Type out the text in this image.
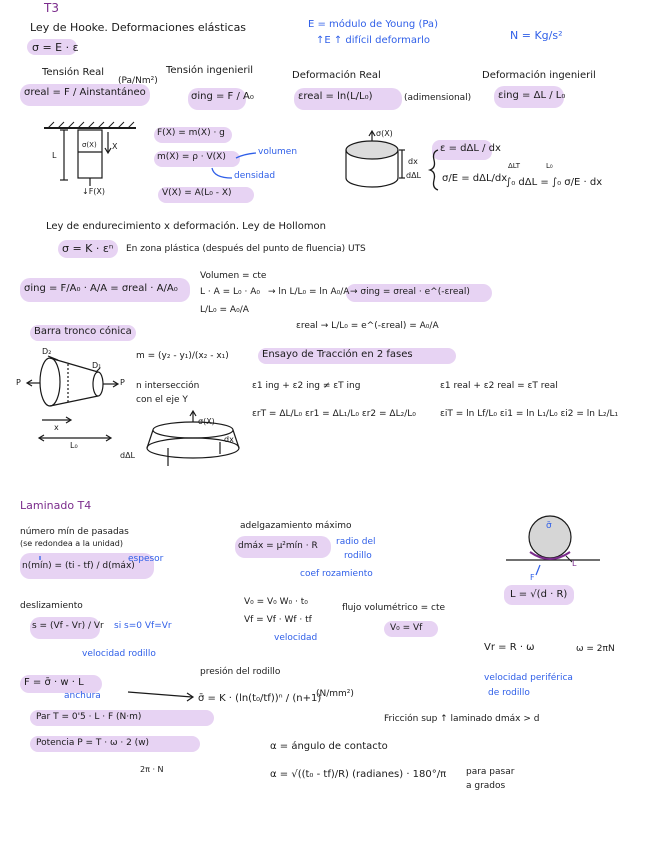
T3
Ley de Hooke. Deformaciones elásticas
σ = E · ε
E = módulo de Young (Pa)
↑E ↑ difícil deformarlo	N = Kg/s²
Tensión Real
σreal = F / Ainstantáneo
(Pa/Nm²)
Tensión ingenieril
σing = F / A₀
Deformación Real
εreal = ln(L/L₀)	(adimensional)
Deformación ingenieril
εing = ΔL / L₀
F(X) = m(X) · g
m(X) = ρ · V(X)	volumen
densidad
V(X) = A(L₀ - X)
σ(X) X
L
↓F(X)
σ(X)
dx
dΔL
ε = dΔL / dx
σ/E = dΔL/dx
ΔLT	L₀
∫₀ dΔL = ∫₀ σ/E · dx
Ley de endurecimiento x deformación. Ley de Hollomon
σ = K · εⁿ En zona plástica (después del punto de fluencia) UTS
σing = F/A₀ · A/A = σreal · A/A₀
Volumen = cte
L · A = L₀ · A₀
L/L₀ = A₀/A
→ ln L/L₀ = ln A₀/A → σing = σreal · e^(-εreal)
εreal → L/L₀ = e^(-εreal) = A₀/A
Barra tronco cónica
m = (y₂ - y₁)/(x₂ - x₁)
n intersección
con el eje Y
Ensayo de Tracción en 2 fases
ε1 ing + ε2 ing ≠ εT ing	ε1 real + ε2 real = εT real
εrT = ΔL/L₀ εr1 = ΔL₁/L₀ εr2 = ΔL₂/L₀	εiT = ln Lf/L₀ εi1 = ln L₁/L₀ εi2 = ln L₂/L₁
D₂
D₁
P	P
x
L₀
dΔL
σ(X)
dx
Laminado T4
número mín de pasadas
(se redondea a la unidad)
n(mín) = (ti - tf) / d(máx)
espesor
adelgazamiento máximo
dmáx = μ²mín · R radio del
rodillo
coef rozamiento
deslizamiento
s = (Vf - Vr) / Vr si s=0 Vf=Vr
velocidad rodillo
V₀ = V₀ W₀ · t₀
Vf = Vf · Wf · tf
velocidad
flujo volumétrico = cte
V₀ = Vf
σ̄
F
L
L = √(d · R)
Vr = R · ω	ω = 2πN
velocidad periférica
de rodillo
F = σ̄ · w · L
anchura
presión del rodillo
σ̄ = K · (ln(t₀/tf))ⁿ / (n+1)
(N/mm²)
Par T = 0'5 · L · F (N·m)
Potencia P = T · ω · 2 (w)
2π · N
Fricción sup ↑ laminado dmáx > d
α = ángulo de contacto
α = √((t₀ - tf)/R) (radianes) · 180°/π para pasar
a grados
